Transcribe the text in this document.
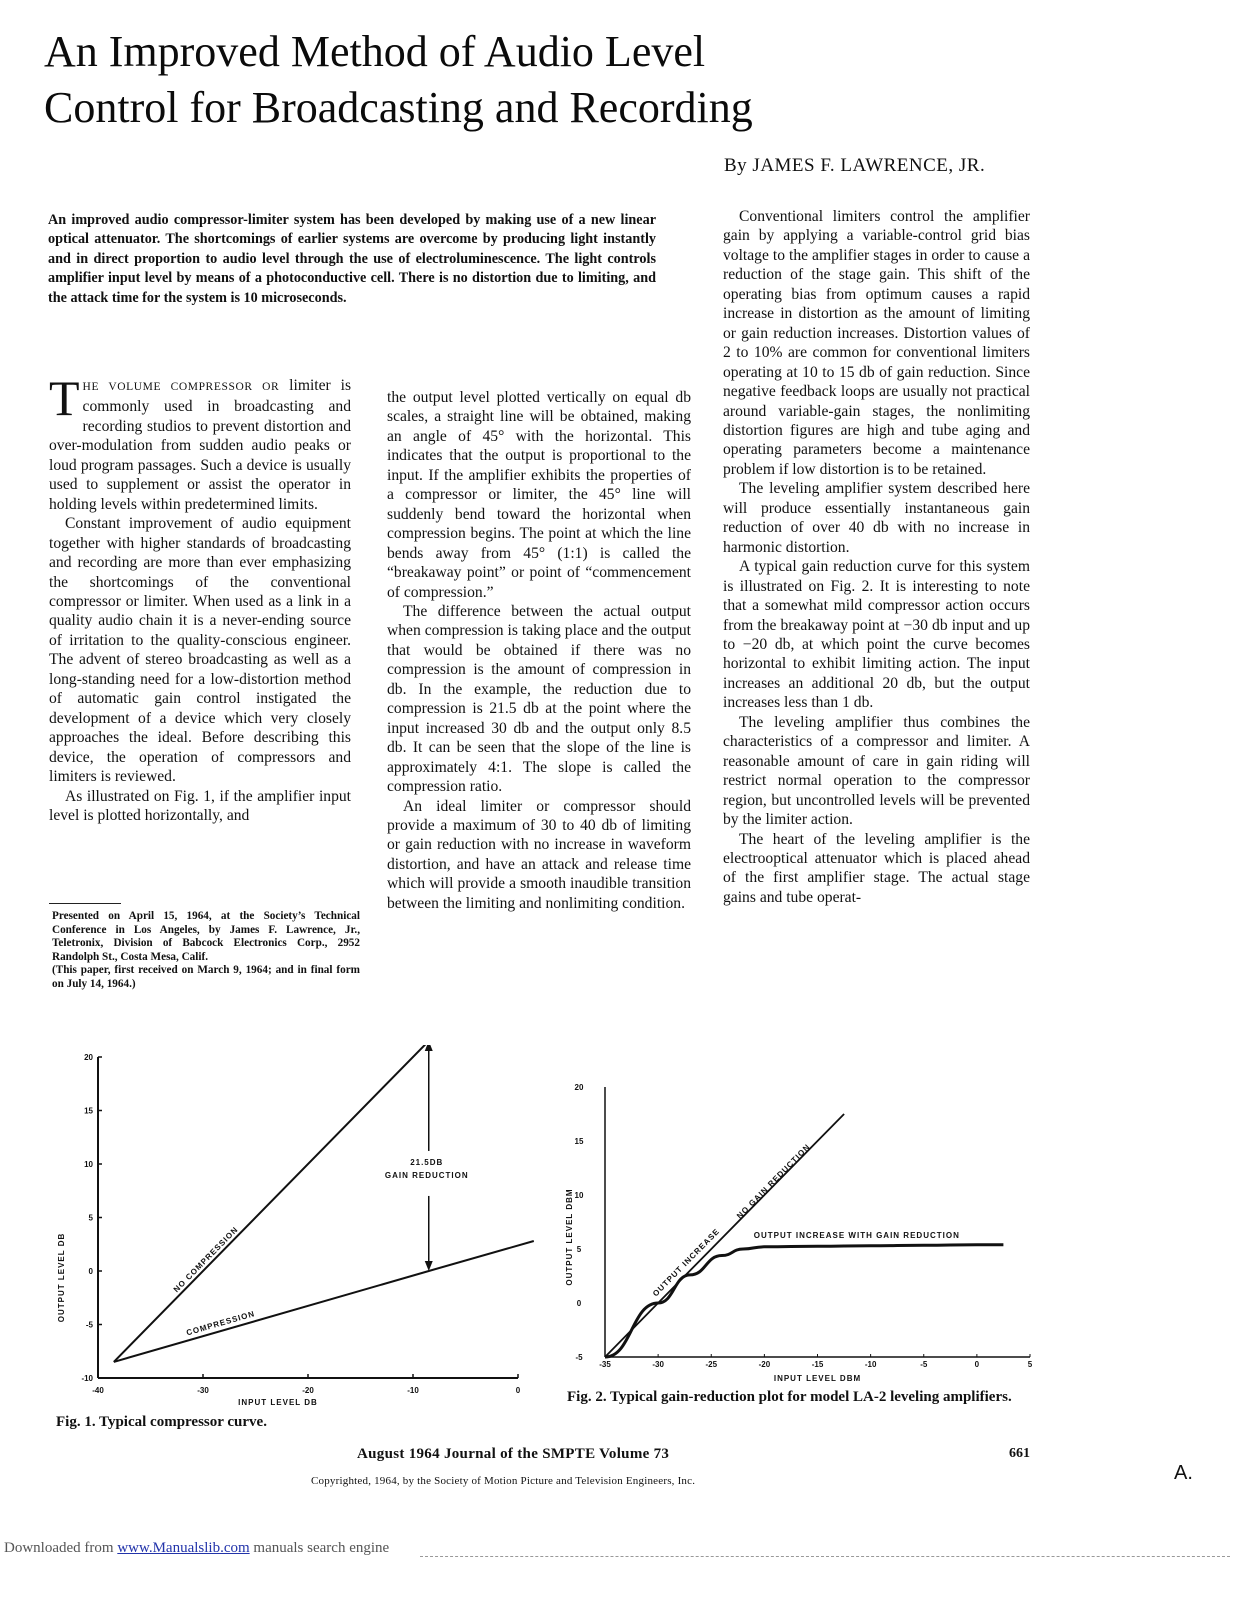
An Improved Method of Audio Level
Control for Broadcasting and Recording
By JAMES F. LAWRENCE, JR.
An improved audio compressor-limiter system has been developed by making use of a new linear optical attenuator. The shortcomings of earlier systems are overcome by producing light instantly and in direct proportion to audio level through the use of electroluminescence. The light controls amplifier input level by means of a photoconductive cell. There is no distortion due to limiting, and the attack time for the system is 10 microseconds.

THE VOLUME COMPRESSOR OR limiter is commonly used in broadcasting and recording studios to prevent distortion and over-modulation from sudden audio peaks or loud program passages. Such a device is usually used to supplement or assist the operator in holding levels within predetermined limits.

Constant improvement of audio equipment together with higher standards of broadcasting and recording are more than ever emphasizing the shortcomings of the conventional compressor or limiter. When used as a link in a quality audio chain it is a never-ending source of irritation to the quality-conscious engineer. The advent of stereo broadcasting as well as a long-standing need for a low-distortion method of automatic gain control instigated the development of a device which very closely approaches the ideal. Before describing this device, the operation of compressors and limiters is reviewed.

As illustrated on Fig. 1, if the amplifier input level is plotted horizontally, and

Presented on April 15, 1964, at the Society’s Technical Conference in Los Angeles, by James F. Lawrence, Jr., Teletronix, Division of Babcock Electronics Corp., 2952 Randolph St., Costa Mesa, Calif.

(This paper, first received on March 9, 1964; and in final form on July 14, 1964.)

the output level plotted vertically on equal db scales, a straight line will be obtained, making an angle of 45° with the horizontal. This indicates that the output is proportional to the input. If the amplifier exhibits the properties of a compressor or limiter, the 45° line will suddenly bend toward the horizontal when compression begins. The point at which the line bends away from 45° (1:1) is called the “breakaway point” or point of “commencement of compression.”

The difference between the actual output when compression is taking place and the output that would be obtained if there was no compression is the amount of compression in db. In the example, the reduction due to compression is 21.5 db at the point where the input increased 30 db and the output only 8.5 db. It can be seen that the slope of the line is approximately 4:1. The slope is called the compression ratio.

An ideal limiter or compressor should provide a maximum of 30 to 40 db of limiting or gain reduction with no increase in waveform distortion, and have an attack and release time which will provide a smooth inaudible transition between the limiting and nonlimiting condition.

Conventional limiters control the amplifier gain by applying a variable-control grid bias voltage to the amplifier stages in order to cause a reduction of the stage gain. This shift of the operating bias from optimum causes a rapid increase in distortion as the amount of limiting or gain reduction increases. Distortion values of 2 to 10% are common for conventional limiters operating at 10 to 15 db of gain reduction. Since negative feedback loops are usually not practical around variable-gain stages, the nonlimiting distortion figures are high and tube aging and operating parameters become a maintenance problem if low distortion is to be retained.

The leveling amplifier system described here will produce essentially instantaneous gain reduction of over 40 db with no increase in harmonic distortion.

A typical gain reduction curve for this system is illustrated on Fig. 2. It is interesting to note that a somewhat mild compressor action occurs from the breakaway point at −30 db input and up to −20 db, at which point the curve becomes horizontal to exhibit limiting action. The input increases an additional 20 db, but the output increases less than 1 db.

The leveling amplifier thus combines the characteristics of a compressor and limiter. A reasonable amount of care in gain riding will restrict normal operation to the compressor region, but uncontrolled levels will be prevented by the limiter action.

The heart of the leveling amplifier is the electrooptical attenuator which is placed ahead of the first amplifier stage. The actual stage gains and tube operat-

-10
-5
0
5
10
15
20
-40	-30	-20	-10	0
INPUT LEVEL DB
OUTPUT LEVEL DB
21.5DB
GAIN REDUCTION
NO COMPRESSION
COMPRESSION
-5
0
5
10
15
20
-35	-30	-25	-20	-15	-10	-5	0	5
INPUT LEVEL DBM
OUTPUT LEVEL DBM	OUTPUT INCREASE
NO GAIN REDUCTION
OUTPUT INCREASE WITH GAIN REDUCTION
Fig. 1. Typical compressor curve.
Fig. 2. Typical gain-reduction plot for model LA-2 leveling amplifiers.
August 1964 Journal of the SMPTE Volume 73	661
Copyrighted, 1964, by the Society of Motion Picture and Television Engineers, Inc.	A.
Downloaded from www.Manualslib.com manuals search engine
